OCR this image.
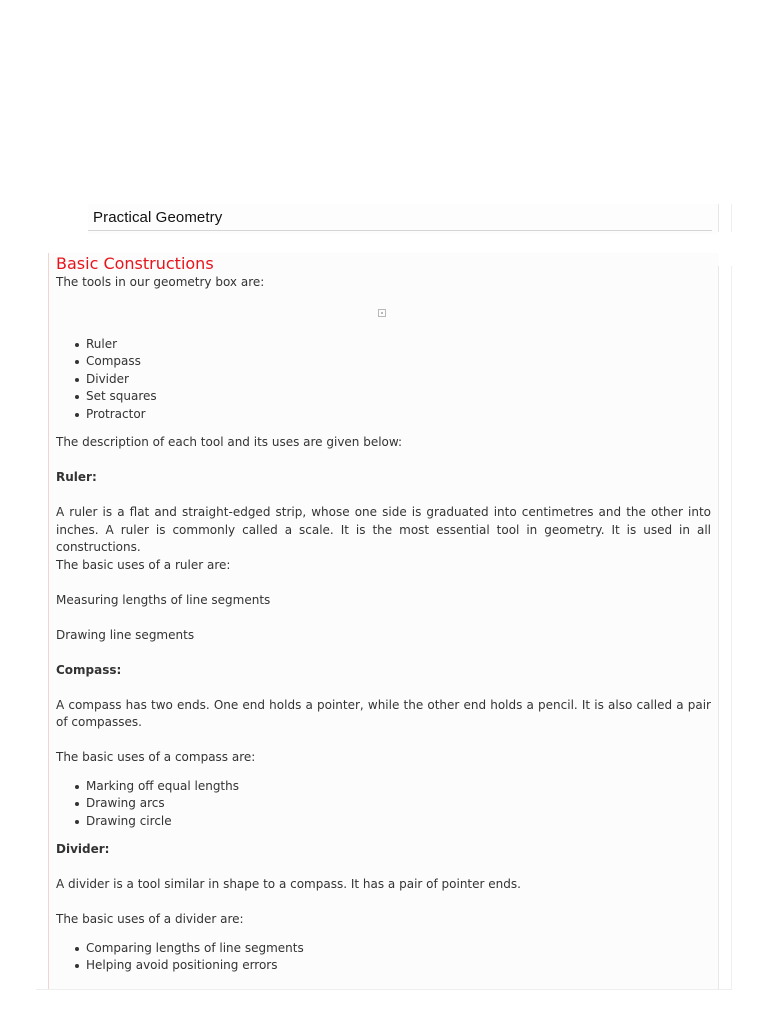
Practical Geometry
Basic Constructions

The tools in our geometry box are:

Ruler
Compass
Divider
Set squares
Protractor

The description of each tool and its uses are given below:

Ruler:

A ruler is a flat and straight-edged strip, whose one side is graduated into centimetres and the other into inches. A ruler is commonly called a scale. It is the most essential tool in geometry. It is used in all constructions.

The basic uses of a ruler are:

Measuring lengths of line segments

Drawing line segments

Compass:

A compass has two ends. One end holds a pointer, while the other end holds a pencil. It is also called a pair of compasses.

The basic uses of a compass are:

Marking off equal lengths
Drawing arcs
Drawing circle

Divider:

A divider is a tool similar in shape to a compass. It has a pair of pointer ends.

The basic uses of a divider are:

Comparing lengths of line segments
Helping avoid positioning errors
